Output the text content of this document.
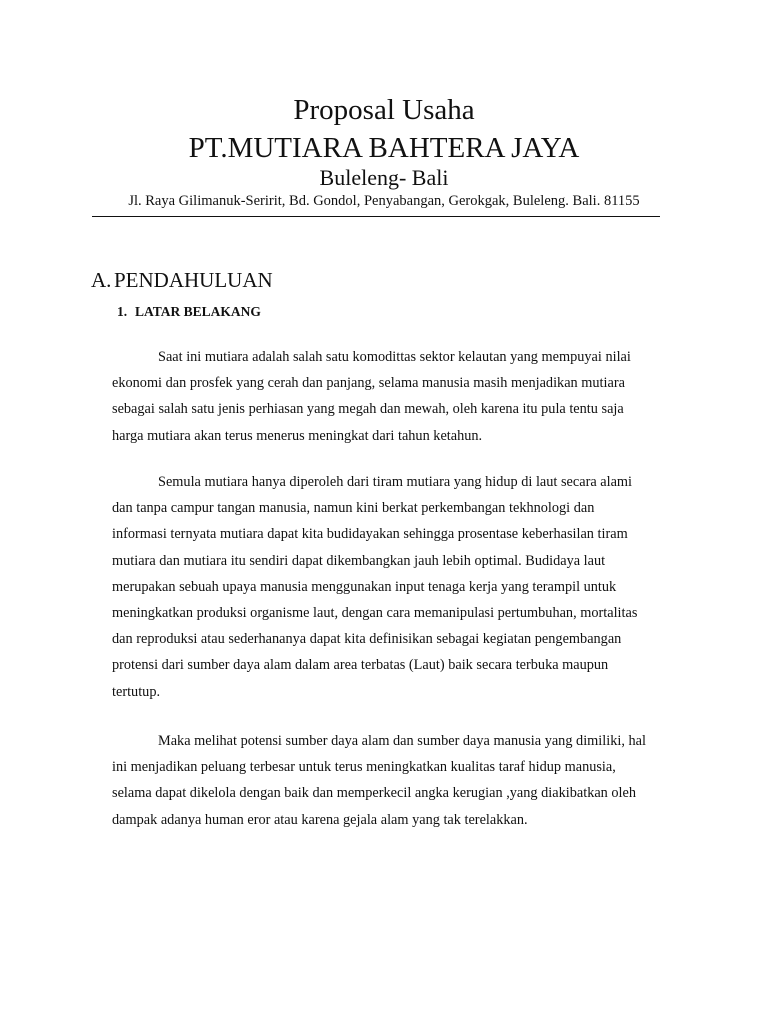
Proposal Usaha
PT.MUTIARA BAHTERA JAYA
Buleleng- Bali
Jl. Raya Gilimanuk-Seririt, Bd. Gondol, Penyabangan, Gerokgak, Buleleng. Bali. 81155
A. PENDAHULUAN
1. LATAR BELAKANG
Saat ini mutiara adalah salah satu komodittas sektor kelautan yang mempuyai nilai
ekonomi dan prosfek yang cerah dan panjang, selama manusia masih menjadikan mutiara
sebagai salah satu jenis perhiasan yang megah dan mewah, oleh karena itu pula tentu saja
harga mutiara akan terus menerus meningkat dari tahun ketahun.
Semula mutiara hanya diperoleh dari tiram mutiara yang hidup di laut secara alami
dan tanpa campur tangan manusia, namun kini berkat perkembangan tekhnologi dan
informasi ternyata mutiara dapat kita budidayakan sehingga prosentase keberhasilan tiram
mutiara dan mutiara itu sendiri dapat dikembangkan jauh lebih optimal. Budidaya laut
merupakan sebuah upaya manusia menggunakan input tenaga kerja yang terampil untuk
meningkatkan produksi organisme laut, dengan cara memanipulasi pertumbuhan, mortalitas
dan reproduksi atau sederhananya dapat kita definisikan sebagai kegiatan pengembangan
protensi dari sumber daya alam dalam area terbatas (Laut) baik secara terbuka maupun
tertutup.
Maka melihat potensi sumber daya alam dan sumber daya manusia yang dimiliki, hal
ini menjadikan peluang terbesar untuk terus meningkatkan kualitas taraf hidup manusia,
selama dapat dikelola dengan baik dan memperkecil angka kerugian ,yang diakibatkan oleh
dampak adanya human eror atau karena gejala alam yang tak terelakkan.
